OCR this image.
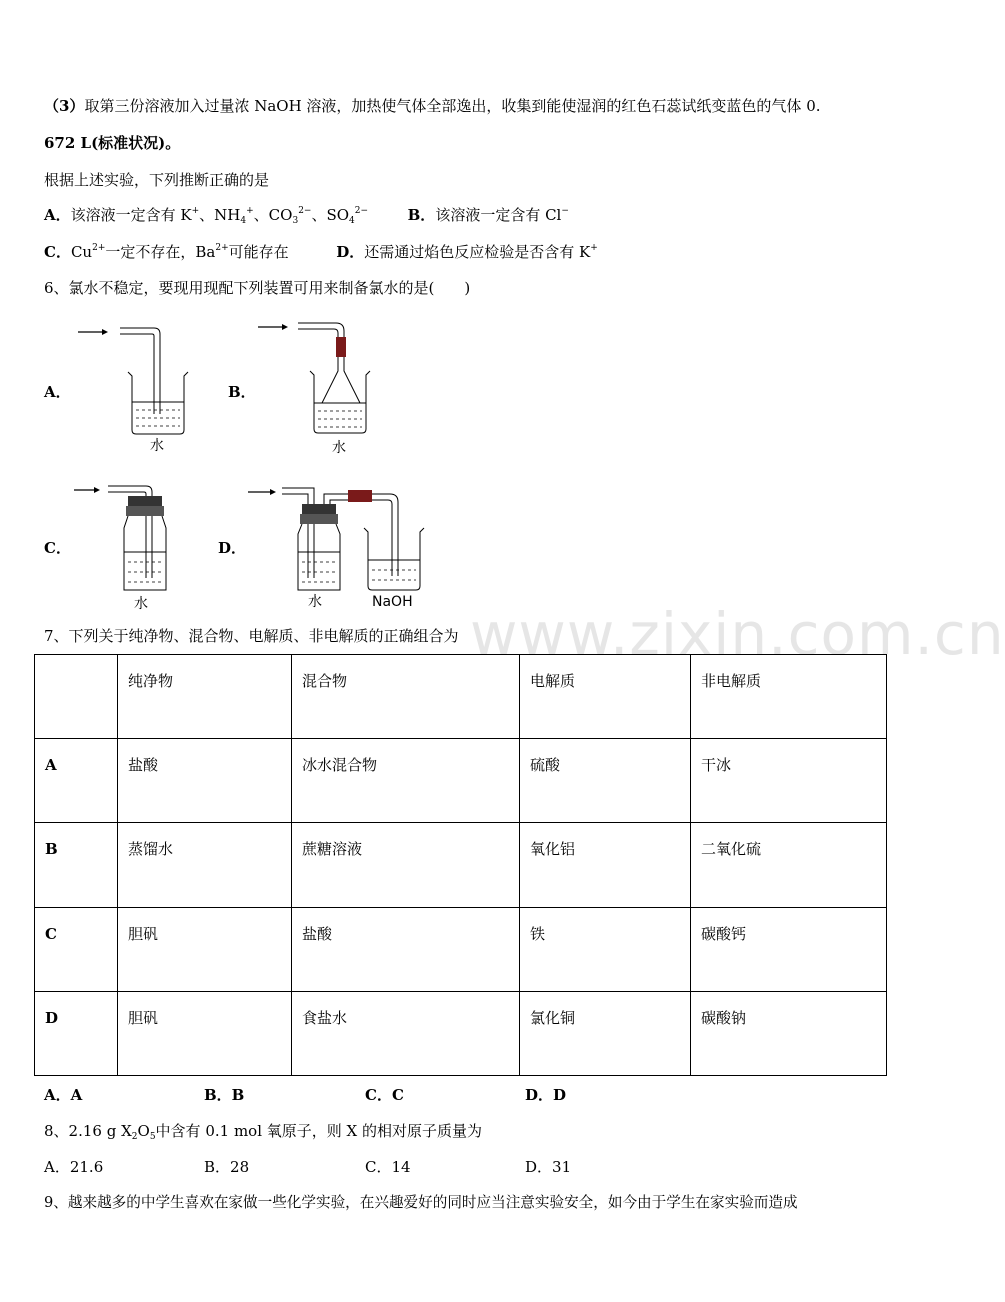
www.zixin.com.cn
（3）取第三份溶液加入过量浓 NaOH 溶液，加热使气体全部逸出，收集到能使湿润的红色石蕊试纸变蓝色的气体 0.
672 L(标准状况)。
根据上述实验，下列推断正确的是
A．该溶液一定含有 K+、$NH_4^+$、$CO_3^{2-}$、$SO_4^{2-}$	B．该溶液一定含有 Cl−
C．$Cu^{2+}$一定不存在，$Ba^{2+}$可能存在	D．还需通过焰色反应检验是否含有 K+
6、氯水不稳定，要现用现配下列装置可用来制备氯水的是(　　)
A．	B．
C．	D．
水	水
水	水	NaOH
7、下列关于纯净物、混合物、电解质、非电解质的正确组合为
	纯净物	混合物	电解质	非电解质
A	盐酸	冰水混合物	硫酸	干冰
B	蒸馏水	蔗糖溶液	氧化铝	二氧化硫
C	胆矾	盐酸	铁	碳酸钙
D	胆矾	食盐水	氯化铜	碳酸钠
A．A	B．B	C．C	D．D
8、2.16 g $X_2O_5$中含有 0.1 mol 氧原子，则 X 的相对原子质量为
A．21.6	B．28	C．14	D．31
9、越来越多的中学生喜欢在家做一些化学实验，在兴趣爱好的同时应当注意实验安全，如今由于学生在家实验而造成
